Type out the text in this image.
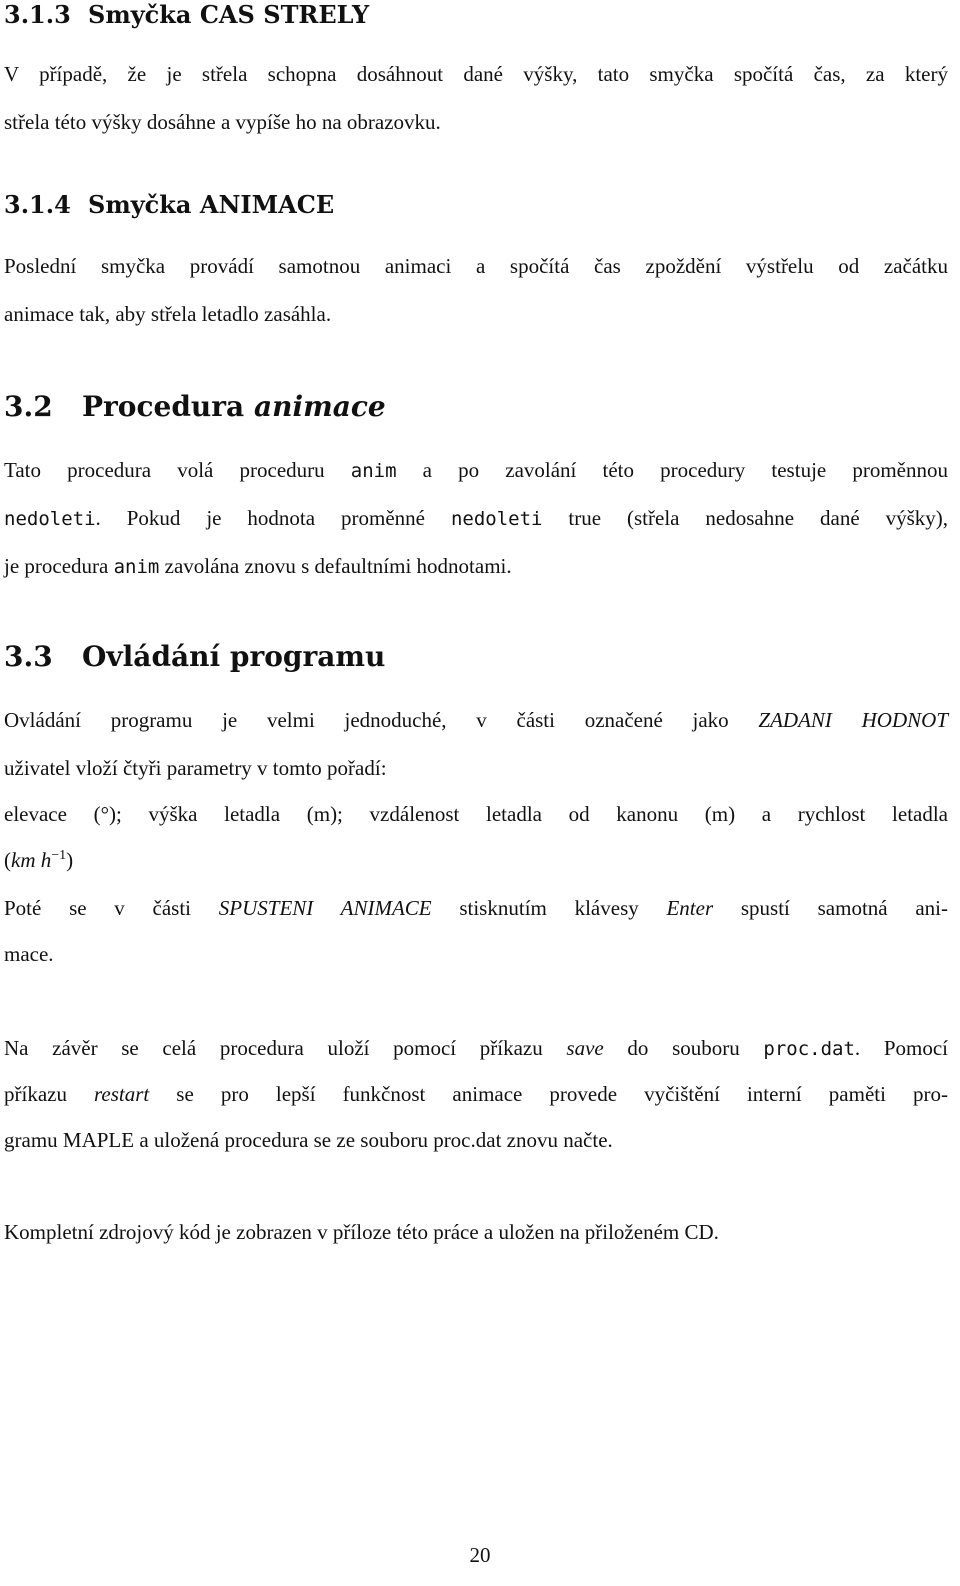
3.1.3 Smyčka CAS STRELY
V případě, že je střela schopna dosáhnout dané výšky, tato smyčka spočítá čas, za který
střela této výšky dosáhne a vypíše ho na obrazovku.
3.1.4 Smyčka ANIMACE
Poslední smyčka provádí samotnou animaci a spočítá čas zpoždění výstřelu od začátku
animace tak, aby střela letadlo zasáhla.
3.2 Procedura animace
Tato procedura volá proceduru anim a po zavolání této procedury testuje proměnnou
nedoleti. Pokud je hodnota proměnné nedoleti true (střela nedosahne dané výšky),
je procedura anim zavolána znovu s defaultními hodnotami.
3.3 Ovládání programu
Ovládání programu je velmi jednoduché, v části označené jako ZADANI HODNOT
uživatel vloží čtyři parametry v tomto pořadí:
elevace (°); výška letadla (m); vzdálenost letadla od kanonu (m) a rychlost letadla
(km $h^{-1}$)
Poté se v části SPUSTENI ANIMACE stisknutím klávesy Enter spustí samotná ani-
mace.
Na závěr se celá procedura uloží pomocí příkazu save do souboru proc.dat. Pomocí
příkazu restart se pro lepší funkčnost animace provede vyčištění interní paměti pro-
gramu MAPLE a uložená procedura se ze souboru proc.dat znovu načte.
Kompletní zdrojový kód je zobrazen v příloze této práce a uložen na přiloženém CD.
20
